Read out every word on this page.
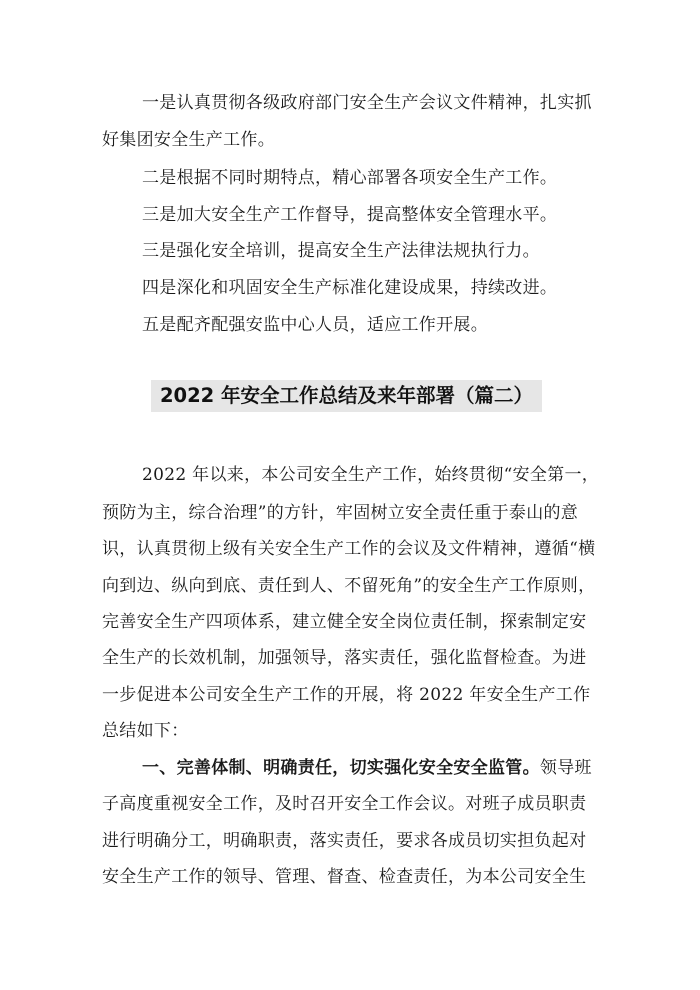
一是认真贯彻各级政府部门安全生产会议文件精神，扎实抓

好集团安全生产工作。

二是根据不同时期特点，精心部署各项安全生产工作。

三是加大安全生产工作督导，提高整体安全管理水平。

三是强化安全培训，提高安全生产法律法规执行力。

四是深化和巩固安全生产标准化建设成果，持续改进。

五是配齐配强安监中心人员，适应工作开展。

2022 年安全工作总结及来年部署（篇二）

2022 年以来，本公司安全生产工作，始终贯彻“安全第一，

预防为主，综合治理”的方针，牢固树立安全责任重于泰山的意

识，认真贯彻上级有关安全生产工作的会议及文件精神，遵循“横

向到边、纵向到底、责任到人、不留死角”的安全生产工作原则，

完善安全生产四项体系，建立健全安全岗位责任制，探索制定安

全生产的长效机制，加强领导，落实责任，强化监督检查。为进

一步促进本公司安全生产工作的开展，将 2022 年安全生产工作

总结如下：

一、完善体制、明确责任，切实强化安全安全监管。领导班

子高度重视安全工作，及时召开安全工作会议。对班子成员职责

进行明确分工，明确职责，落实责任，要求各成员切实担负起对

安全生产工作的领导、管理、督查、检查责任，为本公司安全生
